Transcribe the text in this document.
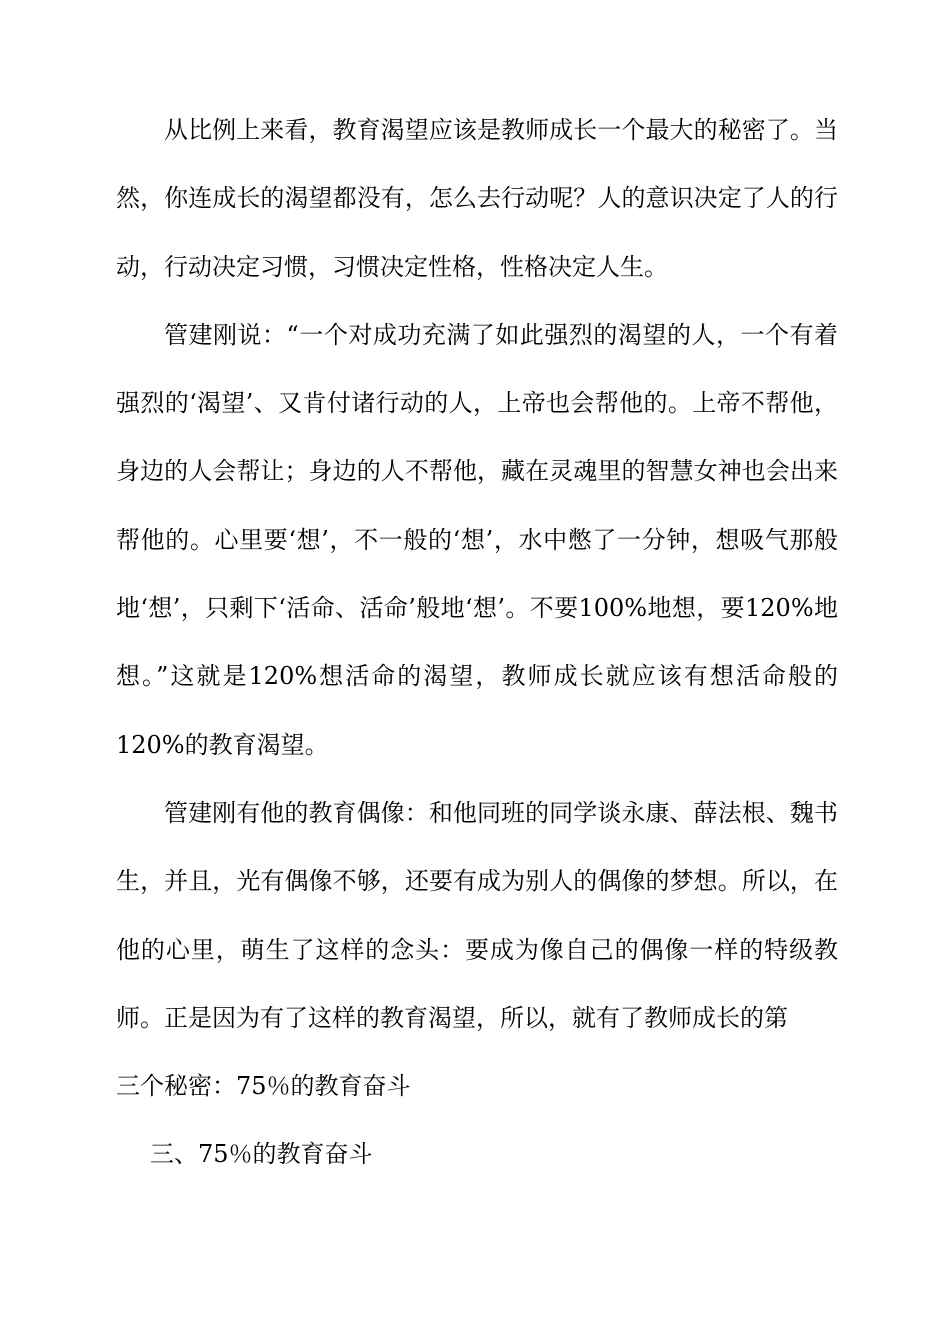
从比例上来看，教育渴望应该是教师成长一个最大的秘密了。当然，你连成长的渴望都没有，怎么去行动呢？人的意识决定了人的行动，行动决定习惯，习惯决定性格，性格决定人生。

管建刚说：“一个对成功充满了如此强烈的渴望的人，一个有着强烈的‘渴望’、又肯付诸行动的人，上帝也会帮他的。上帝不帮他，身边的人会帮让；身边的人不帮他，藏在灵魂里的智慧女神也会出来帮他的。心里要‘想’，不一般的‘想’，水中憋了一分钟，想吸气那般地‘想’，只剩下‘活命、活命’般地‘想’。不要100%地想，要120%地想。”这就是120%想活命的渴望，教师成长就应该有想活命般的120%的教育渴望。

管建刚有他的教育偶像：和他同班的同学谈永康、薛法根、魏书生，并且，光有偶像不够，还要有成为别人的偶像的梦想。所以，在他的心里，萌生了这样的念头：要成为像自己的偶像一样的特级教师。正是因为有了这样的教育渴望，所以，就有了教师成长的第

三个秘密：75％的教育奋斗

三、75％的教育奋斗
